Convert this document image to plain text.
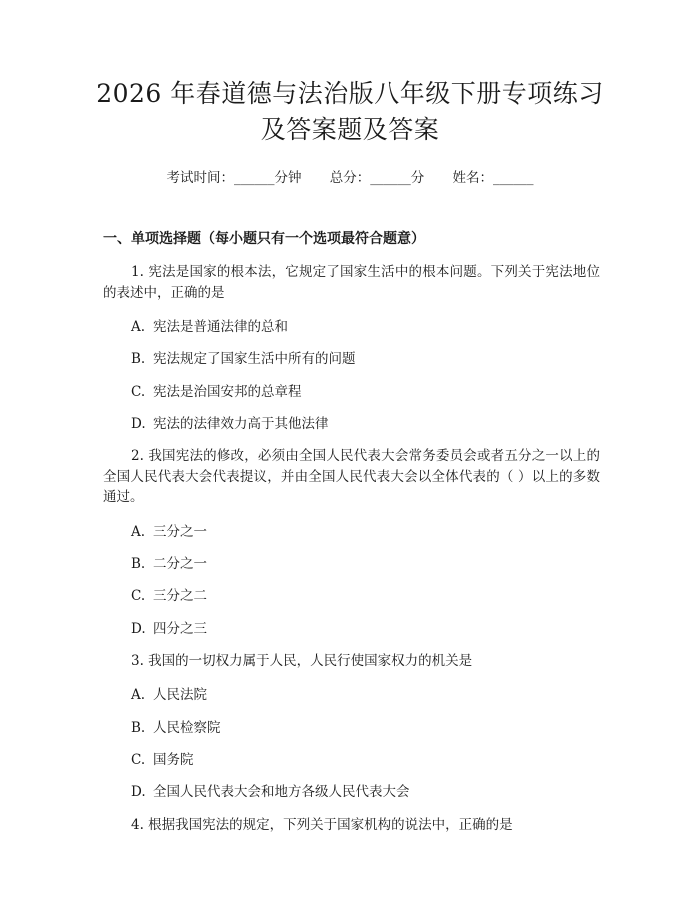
2026 年春道德与法治版八年级下册专项练习
及答案题及答案
考试时间：______分钟 总分：______分 姓名：______
一、单项选择题（每小题只有一个选项最符合题意）

1. 宪法是国家的根本法，它规定了国家生活中的根本问题。下列关于宪法地位的表述中，正确的是

A. 宪法是普通法律的总和
B. 宪法规定了国家生活中所有的问题
C. 宪法是治国安邦的总章程
D. 宪法的法律效力高于其他法律

2. 我国宪法的修改，必须由全国人民代表大会常务委员会或者五分之一以上的全国人民代表大会代表提议，并由全国人民代表大会以全体代表的（ ）以上的多数通过。

A. 三分之一
B. 二分之一
C. 三分之二
D. 四分之三

3. 我国的一切权力属于人民，人民行使国家权力的机关是

A. 人民法院
B. 人民检察院
C. 国务院
D. 全国人民代表大会和地方各级人民代表大会

4. 根据我国宪法的规定，下列关于国家机构的说法中，正确的是
